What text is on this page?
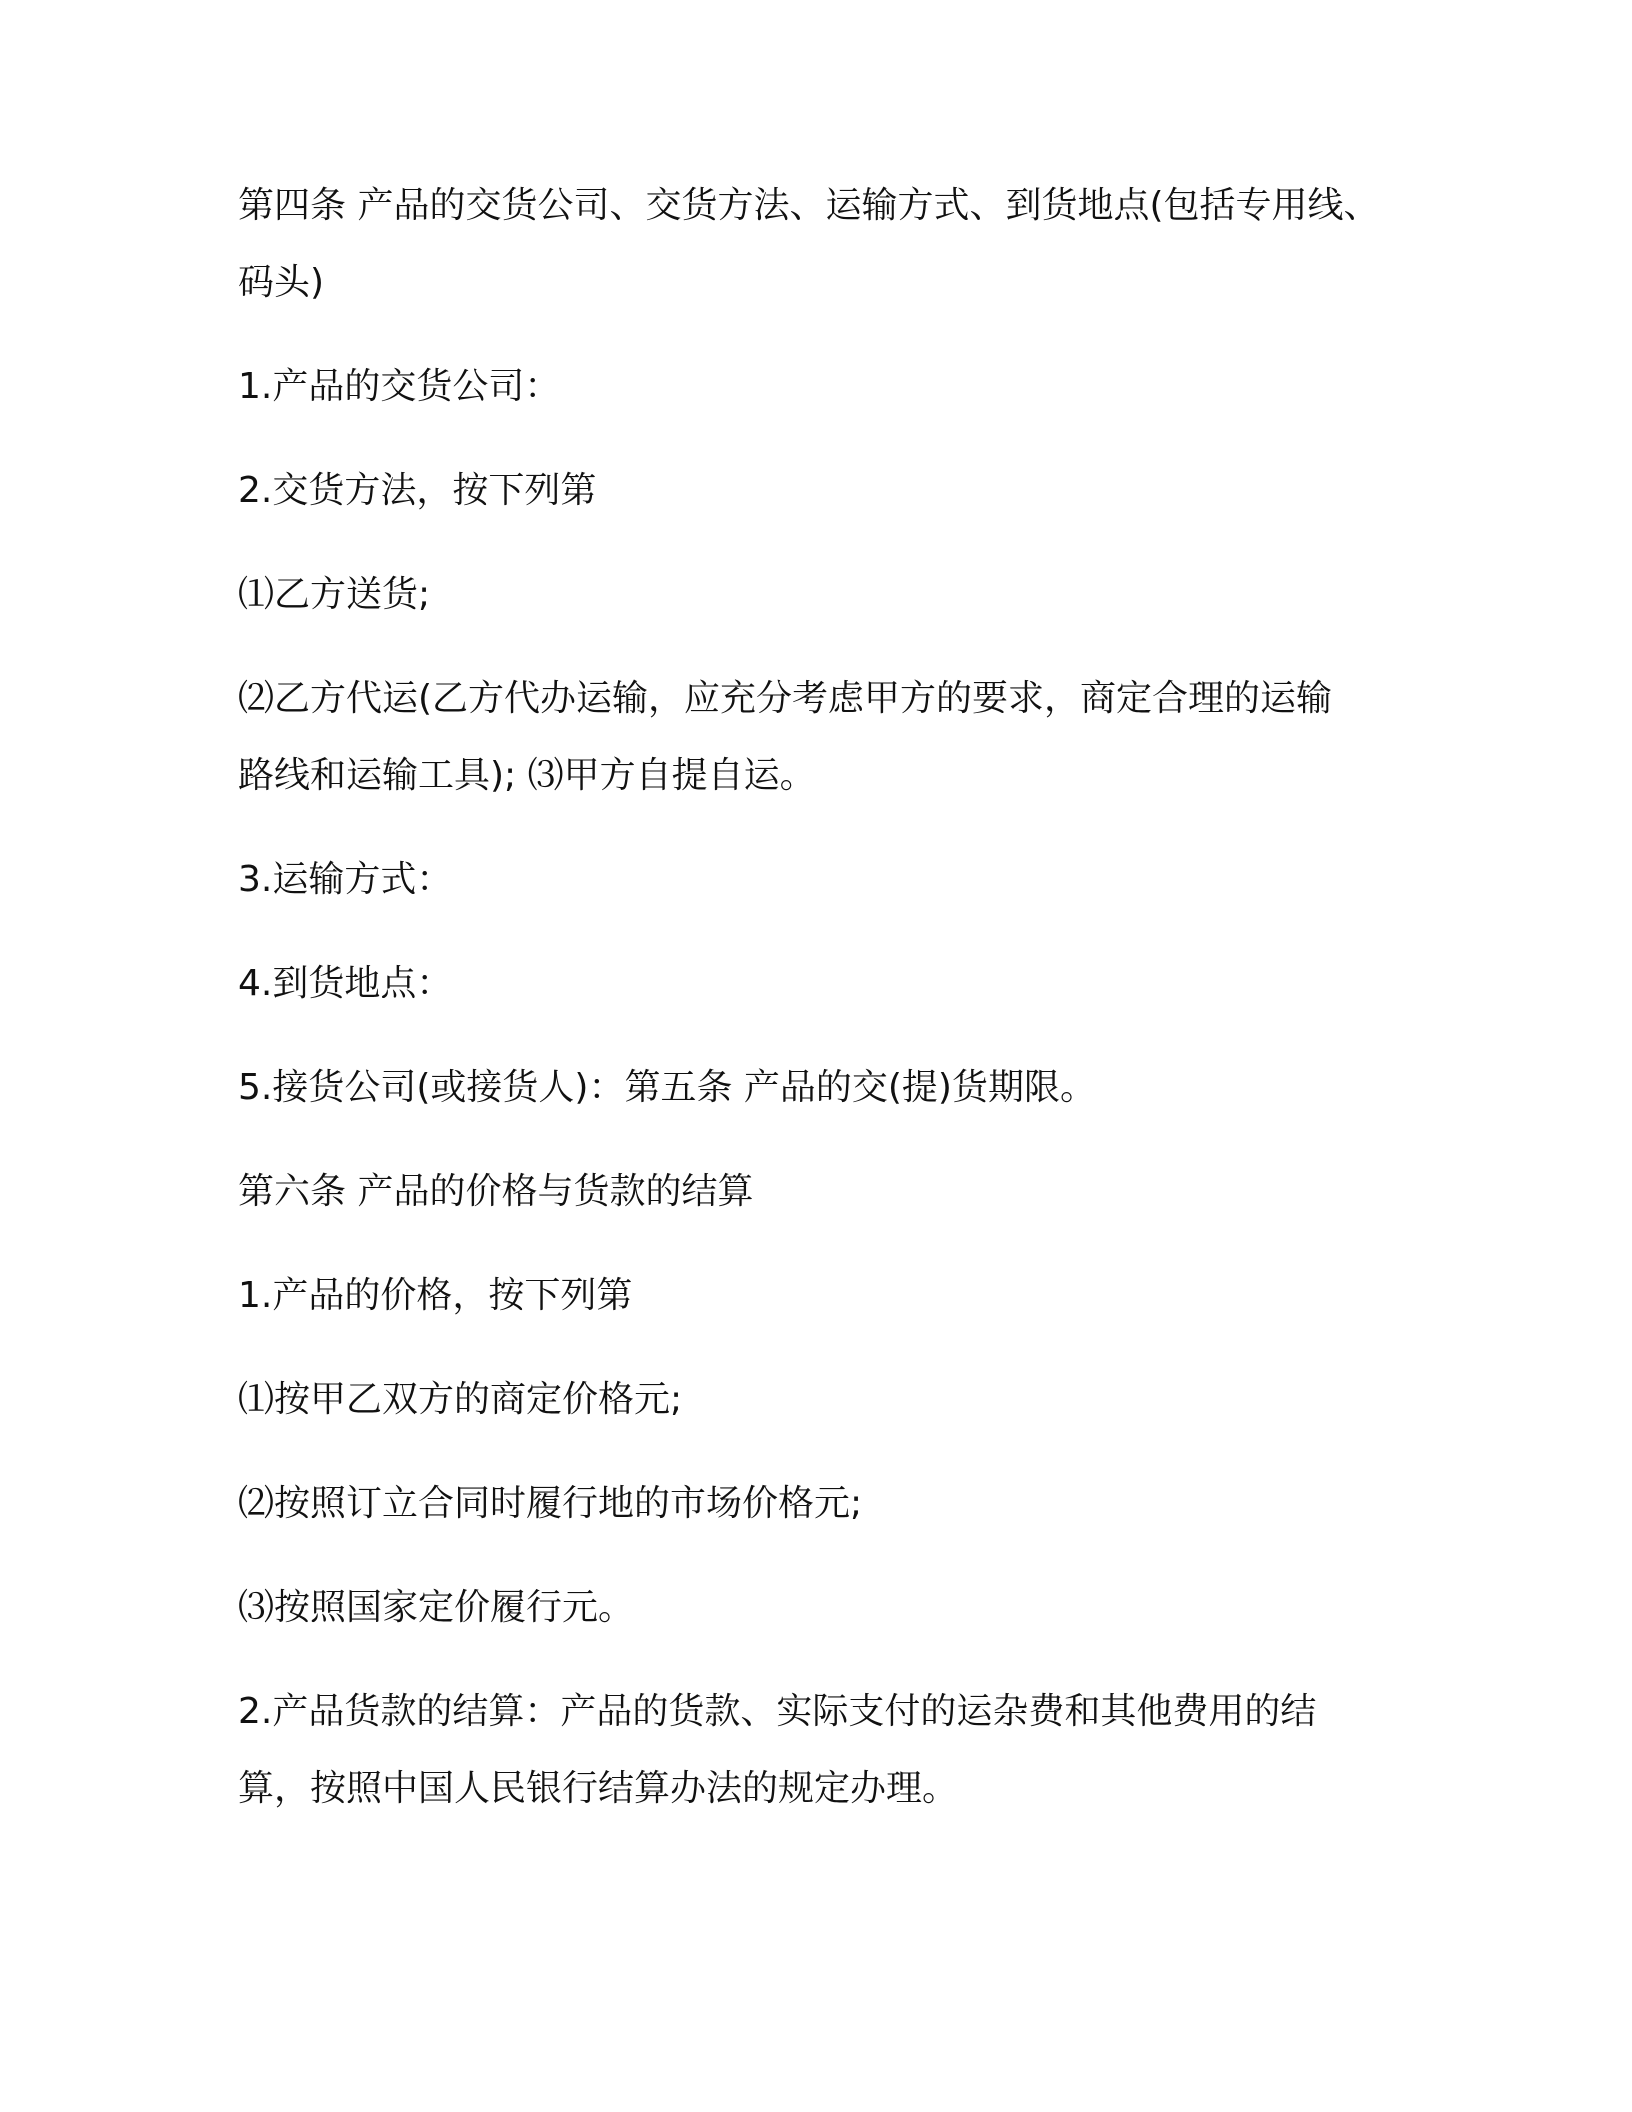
第四条 产品的交货公司、交货方法、运输方式、到货地点(包括专用线、

码头)

1.产品的交货公司：

2.交货方法，按下列第

⑴乙方送货;

⑵乙方代运(乙方代办运输，应充分考虑甲方的要求，商定合理的运输

路线和运输工具); ⑶甲方自提自运。

3.运输方式：

4.到货地点：

5.接货公司(或接货人)：第五条 产品的交(提)货期限。

第六条 产品的价格与货款的结算

1.产品的价格，按下列第

⑴按甲乙双方的商定价格元;

⑵按照订立合同时履行地的市场价格元;

⑶按照国家定价履行元。

2.产品货款的结算：产品的货款、实际支付的运杂费和其他费用的结

算，按照中国人民银行结算办法的规定办理。
